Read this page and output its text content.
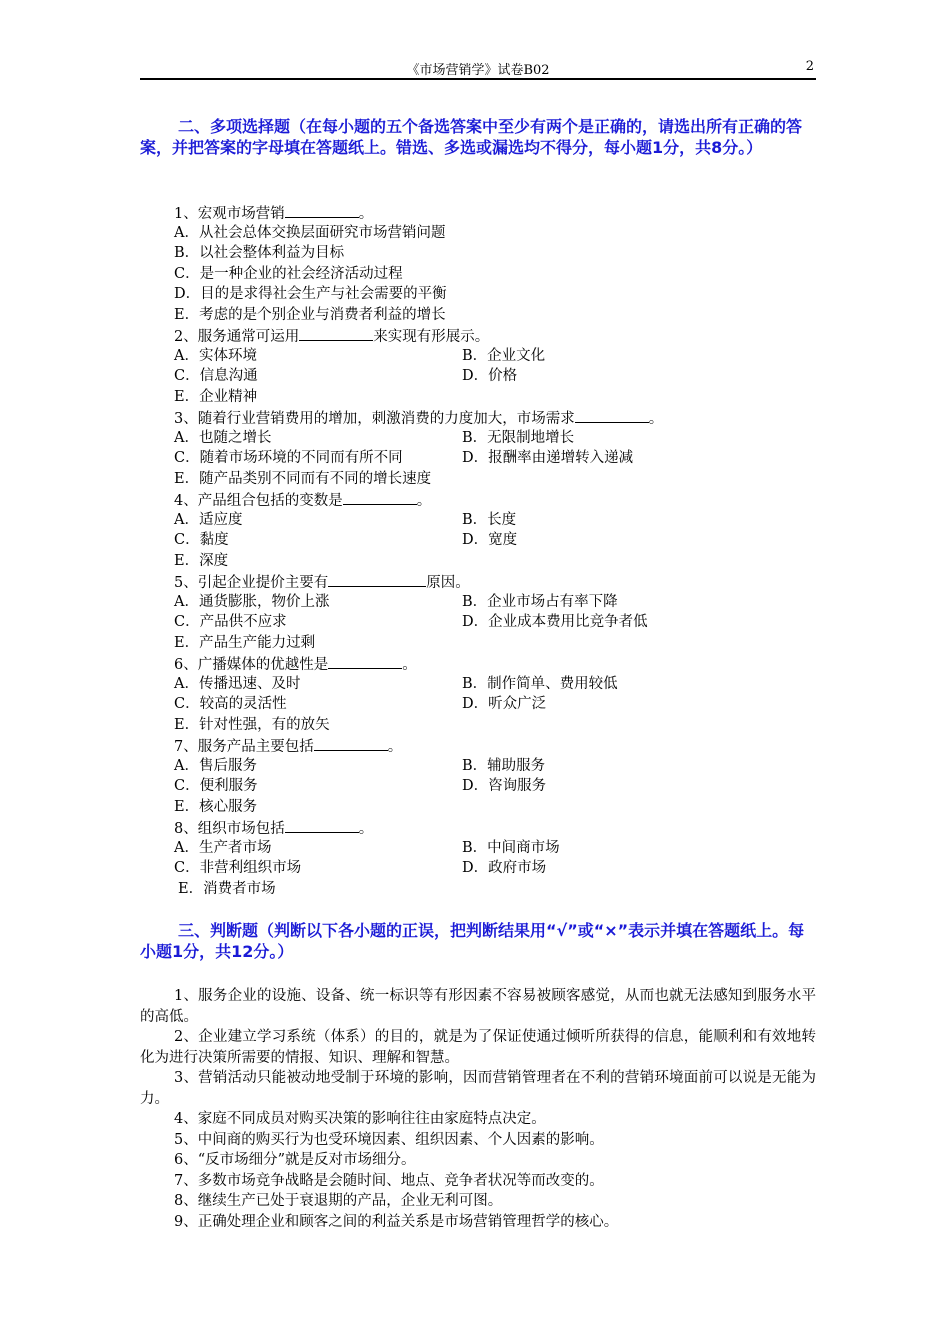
《市场营销学》试卷B02	2
二、多项选择题（在每小题的五个备选答案中至少有两个是正确的，请选出所有正确的答案，并把答案的字母填在答题纸上。错选、多选或漏选均不得分，每小题1分，共8分。）
1、宏观市场营销	。
A．从社会总体交换层面研究市场营销问题
B．以社会整体利益为目标
C．是一种企业的社会经济活动过程
D．目的是求得社会生产与社会需要的平衡
E．考虑的是个别企业与消费者利益的增长
2、服务通常可运用	来实现有形展示。
A．实体环境	B．企业文化
C．信息沟通	D．价格
E．企业精神
3、随着行业营销费用的增加，刺激消费的力度加大，市场需求	。
A．也随之增长	B．无限制地增长
C．随着市场环境的不同而有所不同	D．报酬率由递增转入递减
E．随产品类别不同而有不同的增长速度
4、产品组合包括的变数是	。
A．适应度	B．长度
C．黏度	D．宽度
E．深度
5、引起企业提价主要有	原因。
A．通货膨胀，物价上涨	B．企业市场占有率下降
C．产品供不应求	D．企业成本费用比竞争者低
E．产品生产能力过剩
6、广播媒体的优越性是	。
A．传播迅速、及时	B．制作简单、费用较低
C．较高的灵活性	D．听众广泛
E．针对性强，有的放矢
7、服务产品主要包括	。
A．售后服务	B．辅助服务
C．便利服务	D．咨询服务
E．核心服务
8、组织市场包括	。
A．生产者市场	B．中间商市场
C．非营利组织市场	D．政府市场
E．消费者市场
三、判断题（判断以下各小题的正误，把判断结果用“√”或“×”表示并填在答题纸上。每小题1分，共12分。）

1、服务企业的设施、设备、统一标识等有形因素不容易被顾客感觉，从而也就无法感知到服务水平的高低。

2、企业建立学习系统（体系）的目的，就是为了保证使通过倾听所获得的信息，能顺利和有效地转化为进行决策所需要的情报、知识、理解和智慧。

3、营销活动只能被动地受制于环境的影响，因而营销管理者在不利的营销环境面前可以说是无能为力。

4、家庭不同成员对购买决策的影响往往由家庭特点决定。

5、中间商的购买行为也受环境因素、组织因素、个人因素的影响。

6、“反市场细分”就是反对市场细分。

7、多数市场竞争战略是会随时间、地点、竞争者状况等而改变的。

8、继续生产已处于衰退期的产品，企业无利可图。

9、正确处理企业和顾客之间的利益关系是市场营销管理哲学的核心。
